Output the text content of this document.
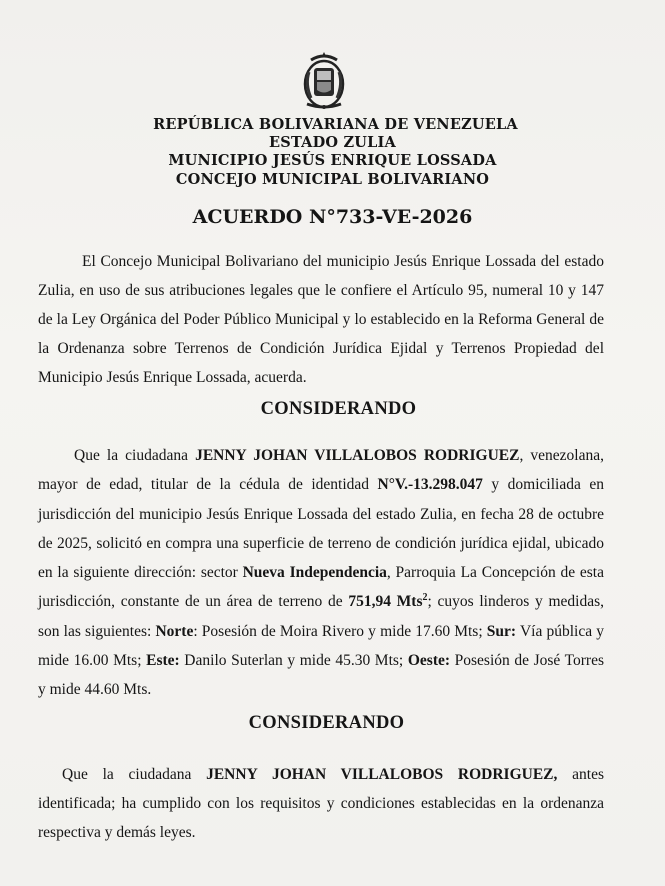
REPÚBLICA BOLIVARIANA DE VENEZUELA
ESTADO ZULIA
MUNICIPIO JESÚS ENRIQUE LOSSADA
CONCEJO MUNICIPAL BOLIVARIANO
ACUERDO N°733-VE-2026
El Concejo Municipal Bolivariano del municipio Jesús Enrique Lossada del estado Zulia, en uso de sus atribuciones legales que le confiere el Artículo 95, numeral 10 y 147 de la Ley Orgánica del Poder Público Municipal y lo establecido en la Reforma General de la Ordenanza sobre Terrenos de Condición Jurídica Ejidal y Terrenos Propiedad del Municipio Jesús Enrique Lossada, acuerda.
CONSIDERANDO
Que la ciudadana JENNY JOHAN VILLALOBOS RODRIGUEZ, venezolana, mayor de edad, titular de la cédula de identidad N°V.-13.298.047 y domiciliada en jurisdicción del municipio Jesús Enrique Lossada del estado Zulia, en fecha 28 de octubre de 2025, solicitó en compra una superficie de terreno de condición jurídica ejidal, ubicado en la siguiente dirección: sector Nueva Independencia, Parroquia La Concepción de esta jurisdicción, constante de un área de terreno de 751,94 Mts$^2$; cuyos linderos y medidas, son las siguientes: Norte: Posesión de Moira Rivero y mide 17.60 Mts; Sur: Vía pública y mide 16.00 Mts; Este: Danilo Suterlan y mide 45.30 Mts; Oeste: Posesión de José Torres y mide 44.60 Mts.
CONSIDERANDO
Que la ciudadana JENNY JOHAN VILLALOBOS RODRIGUEZ, antes identificada; ha cumplido con los requisitos y condiciones establecidas en la ordenanza respectiva y demás leyes.
